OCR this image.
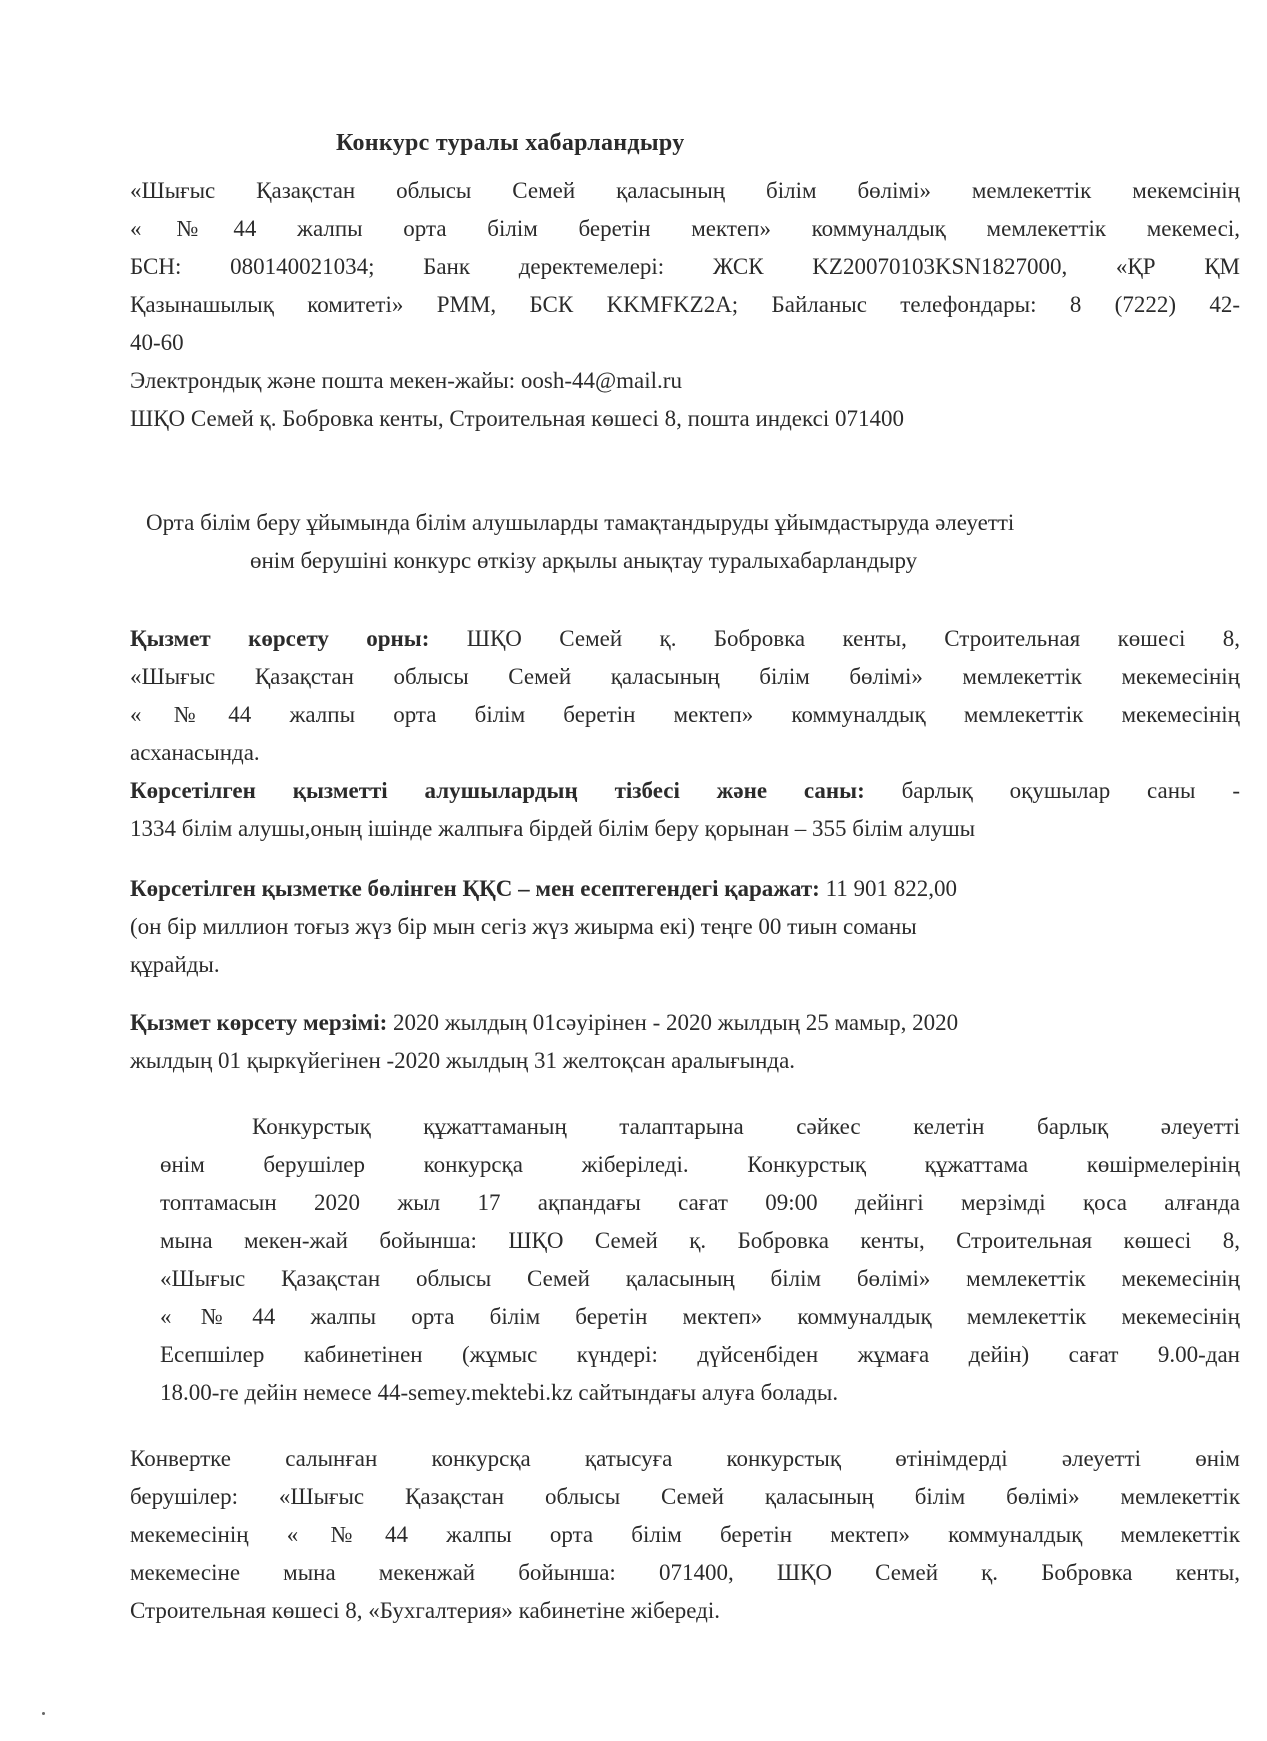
Конкурс туралы хабарландыру
«Шығыс Қазақстан облысы Семей қаласының білім бөлімі» мемлекеттік мекемсінің
«№44 жалпы орта білім беретін мектеп» коммуналдық мемлекеттік мекемесі,
БСН: 080140021034; Банк деректемелері: ЖСК KZ20070103KSN1827000, «ҚР ҚМ
Қазынашылық комитеті» РММ, БСК KKMFKZ2A; Байланыс телефондары: 8 (7222) 42-
40-60
Электрондық және пошта мекен-жайы: oosh-44@mail.ru
ШҚО Семей қ. Бобровка кенты, Строительная көшесі 8, пошта индексі 071400
Орта білім беру ұйымында білім алушыларды тамақтандыруды ұйымдастыруда әлеуетті
өнім берушіні конкурс өткізу арқылы анықтау туралыхабарландыру
Қызмет көрсету орны: ШҚО Семей қ. Бобровка кенты, Строительная көшесі 8,
«Шығыс Қазақстан облысы Семей қаласының білім бөлімі» мемлекеттік мекемесінің
«№44 жалпы орта білім беретін мектеп» коммуналдық мемлекеттік мекемесінің
асханасында.
Көрсетілген қызметті алушылардың тізбесі және саны: барлық оқушылар саны -
1334 білім алушы,оның ішінде жалпыға бірдей білім беру қорынан – 355 білім алушы
Көрсетілген қызметке бөлінген ҚҚС – мен есептегендегі қаражат: 11 901 822,00
(он бір миллион тоғыз жүз бір мын сегіз жүз жиырма екі) теңге 00 тиын соманы
құрайды.
Қызмет көрсету мерзімі: 2020 жылдың 01сәуірінен - 2020 жылдың 25 мамыр, 2020
жылдың 01 қыркүйегінен -2020 жылдың 31 желтоқсан аралығында.
Конкурстық құжаттаманың талаптарына сәйкес келетін барлық әлеуетті
өнім берушілер конкурсқа жіберіледі. Конкурстық құжаттама көшірмелерінің
топтамасын 2020 жыл 17 ақпандағы сағат 09:00 дейінгі мерзімді қоса алғанда
мына мекен-жай бойынша: ШҚО Семей қ. Бобровка кенты, Строительная көшесі 8,
«Шығыс Қазақстан облысы Семей қаласының білім бөлімі» мемлекеттік мекемесінің
«№44 жалпы орта білім беретін мектеп» коммуналдық мемлекеттік мекемесінің
Есепшілер кабинетінен (жұмыс күндері: дүйсенбіден жұмаға дейін) сағат 9.00-дан
18.00-ге дейін немесе 44-semey.mektebi.kz сайтындағы алуға болады.
Конвертке салынған конкурсқа қатысуға конкурстық өтінімдерді әлеуетті өнім
берушілер: «Шығыс Қазақстан облысы Семей қаласының білім бөлімі» мемлекеттік
мекемесінің «№44 жалпы орта білім беретін мектеп» коммуналдық мемлекеттік
мекемесіне мына мекенжай бойынша: 071400, ШҚО Семей қ. Бобровка кенты,
Строительная көшесі 8, «Бухгалтерия» кабинетіне жібереді.
